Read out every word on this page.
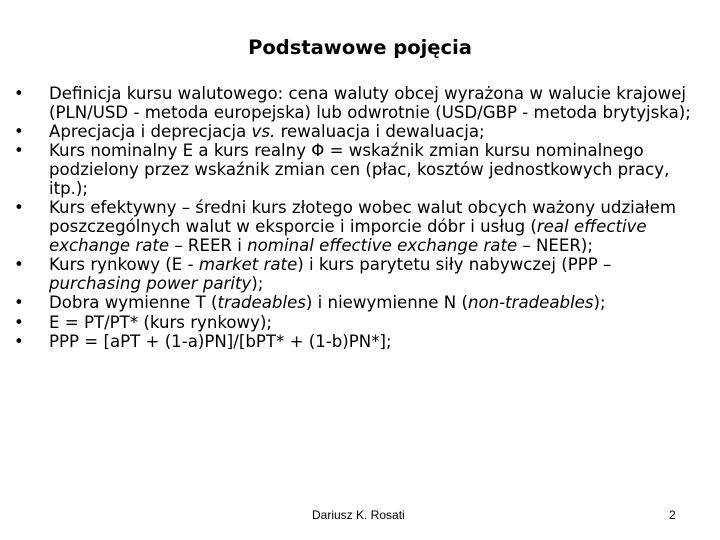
Podstawowe pojęcia
•	Definicja kursu walutowego: cena waluty obcej wyrażona w walucie krajowej (PLN/USD - metoda europejska) lub odwrotnie (USD/GBP - metoda brytyjska);
•	Aprecjacja i deprecjacja vs. rewaluacja i dewaluacja;
•	Kurs nominalny E a kurs realny Φ = wskaźnik zmian kursu nominalnego podzielony przez wskaźnik zmian cen (płac, kosztów jednostkowych pracy, itp.);
•	Kurs efektywny – średni kurs złotego wobec walut obcych ważony udziałem poszczególnych walut w eksporcie i imporcie dóbr i usług (real effective exchange rate – REER i nominal effective exchange rate – NEER);
•	Kurs rynkowy (E - market rate) i kurs parytetu siły nabywczej (PPP – purchasing power parity);
•	Dobra wymienne T (tradeables) i niewymienne N (non-tradeables);
•	E = PT/PT* (kurs rynkowy);
•	PPP = [aPT + (1-a)PN]/[bPT* + (1-b)PN*];
Dariusz K. Rosati	2
